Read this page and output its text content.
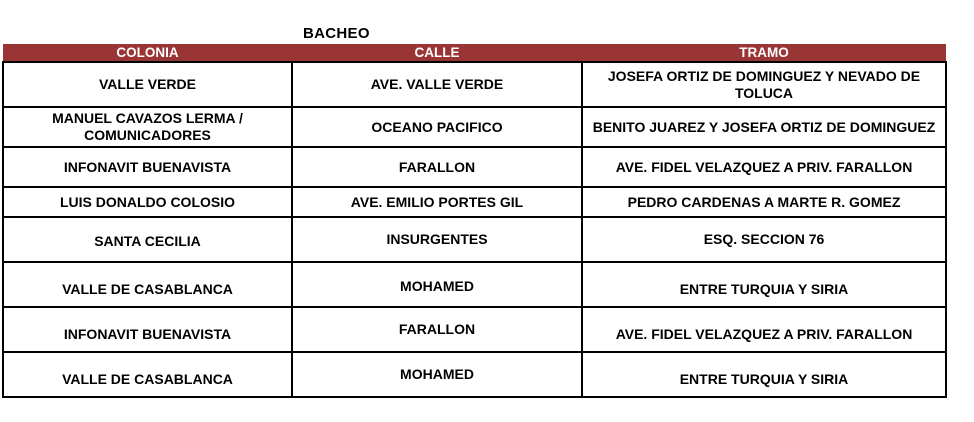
BACHEO
COLONIA	CALLE	TRAMO
VALLE VERDE	AVE. VALLE VERDE	JOSEFA ORTIZ DE DOMINGUEZ Y NEVADO DE TOLUCA
MANUEL CAVAZOS LERMA / COMUNICADORES	OCEANO PACIFICO	BENITO JUAREZ Y JOSEFA ORTIZ DE DOMINGUEZ
INFONAVIT BUENAVISTA	FARALLON	AVE. FIDEL VELAZQUEZ A PRIV. FARALLON
LUIS DONALDO COLOSIO	AVE. EMILIO PORTES GIL	PEDRO CARDENAS A MARTE R. GOMEZ
SANTA CECILIA	INSURGENTES	ESQ. SECCION 76
VALLE DE CASABLANCA	MOHAMED	ENTRE TURQUIA Y SIRIA
INFONAVIT BUENAVISTA	FARALLON	AVE. FIDEL VELAZQUEZ A PRIV. FARALLON
VALLE DE CASABLANCA	MOHAMED	ENTRE TURQUIA Y SIRIA
